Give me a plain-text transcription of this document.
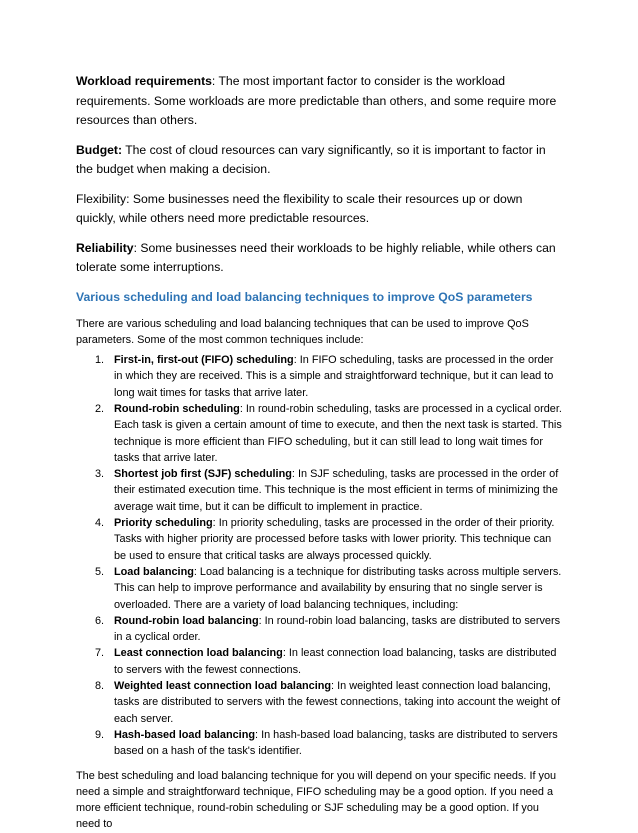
Workload requirements: The most important factor to consider is the workload requirements. Some workloads are more predictable than others, and some require more resources than others.

Budget: The cost of cloud resources can vary significantly, so it is important to factor in the budget when making a decision.

Flexibility: Some businesses need the flexibility to scale their resources up or down quickly, while others need more predictable resources.

Reliability: Some businesses need their workloads to be highly reliable, while others can tolerate some interruptions.

Various scheduling and load balancing techniques to improve QoS parameters

There are various scheduling and load balancing techniques that can be used to improve QoS parameters. Some of the most common techniques include:

1. First-in, first-out (FIFO) scheduling: In FIFO scheduling, tasks are processed in the order in which they are received. This is a simple and straightforward technique, but it can lead to long wait times for tasks that arrive later.
2. Round-robin scheduling: In round-robin scheduling, tasks are processed in a cyclical order. Each task is given a certain amount of time to execute, and then the next task is started. This technique is more efficient than FIFO scheduling, but it can still lead to long wait times for tasks that arrive later.
3. Shortest job first (SJF) scheduling: In SJF scheduling, tasks are processed in the order of their estimated execution time. This technique is the most efficient in terms of minimizing the average wait time, but it can be difficult to implement in practice.
4. Priority scheduling: In priority scheduling, tasks are processed in the order of their priority. Tasks with higher priority are processed before tasks with lower priority. This technique can be used to ensure that critical tasks are always processed quickly.
5. Load balancing: Load balancing is a technique for distributing tasks across multiple servers. This can help to improve performance and availability by ensuring that no single server is overloaded. There are a variety of load balancing techniques, including:
6. Round-robin load balancing: In round-robin load balancing, tasks are distributed to servers in a cyclical order.
7. Least connection load balancing: In least connection load balancing, tasks are distributed to servers with the fewest connections.
8. Weighted least connection load balancing: In weighted least connection load balancing, tasks are distributed to servers with the fewest connections, taking into account the weight of each server.
9. Hash-based load balancing: In hash-based load balancing, tasks are distributed to servers based on a hash of the task's identifier.

The best scheduling and load balancing technique for you will depend on your specific needs. If you need a simple and straightforward technique, FIFO scheduling may be a good option. If you need a more efficient technique, round-robin scheduling or SJF scheduling may be a good option. If you need to
